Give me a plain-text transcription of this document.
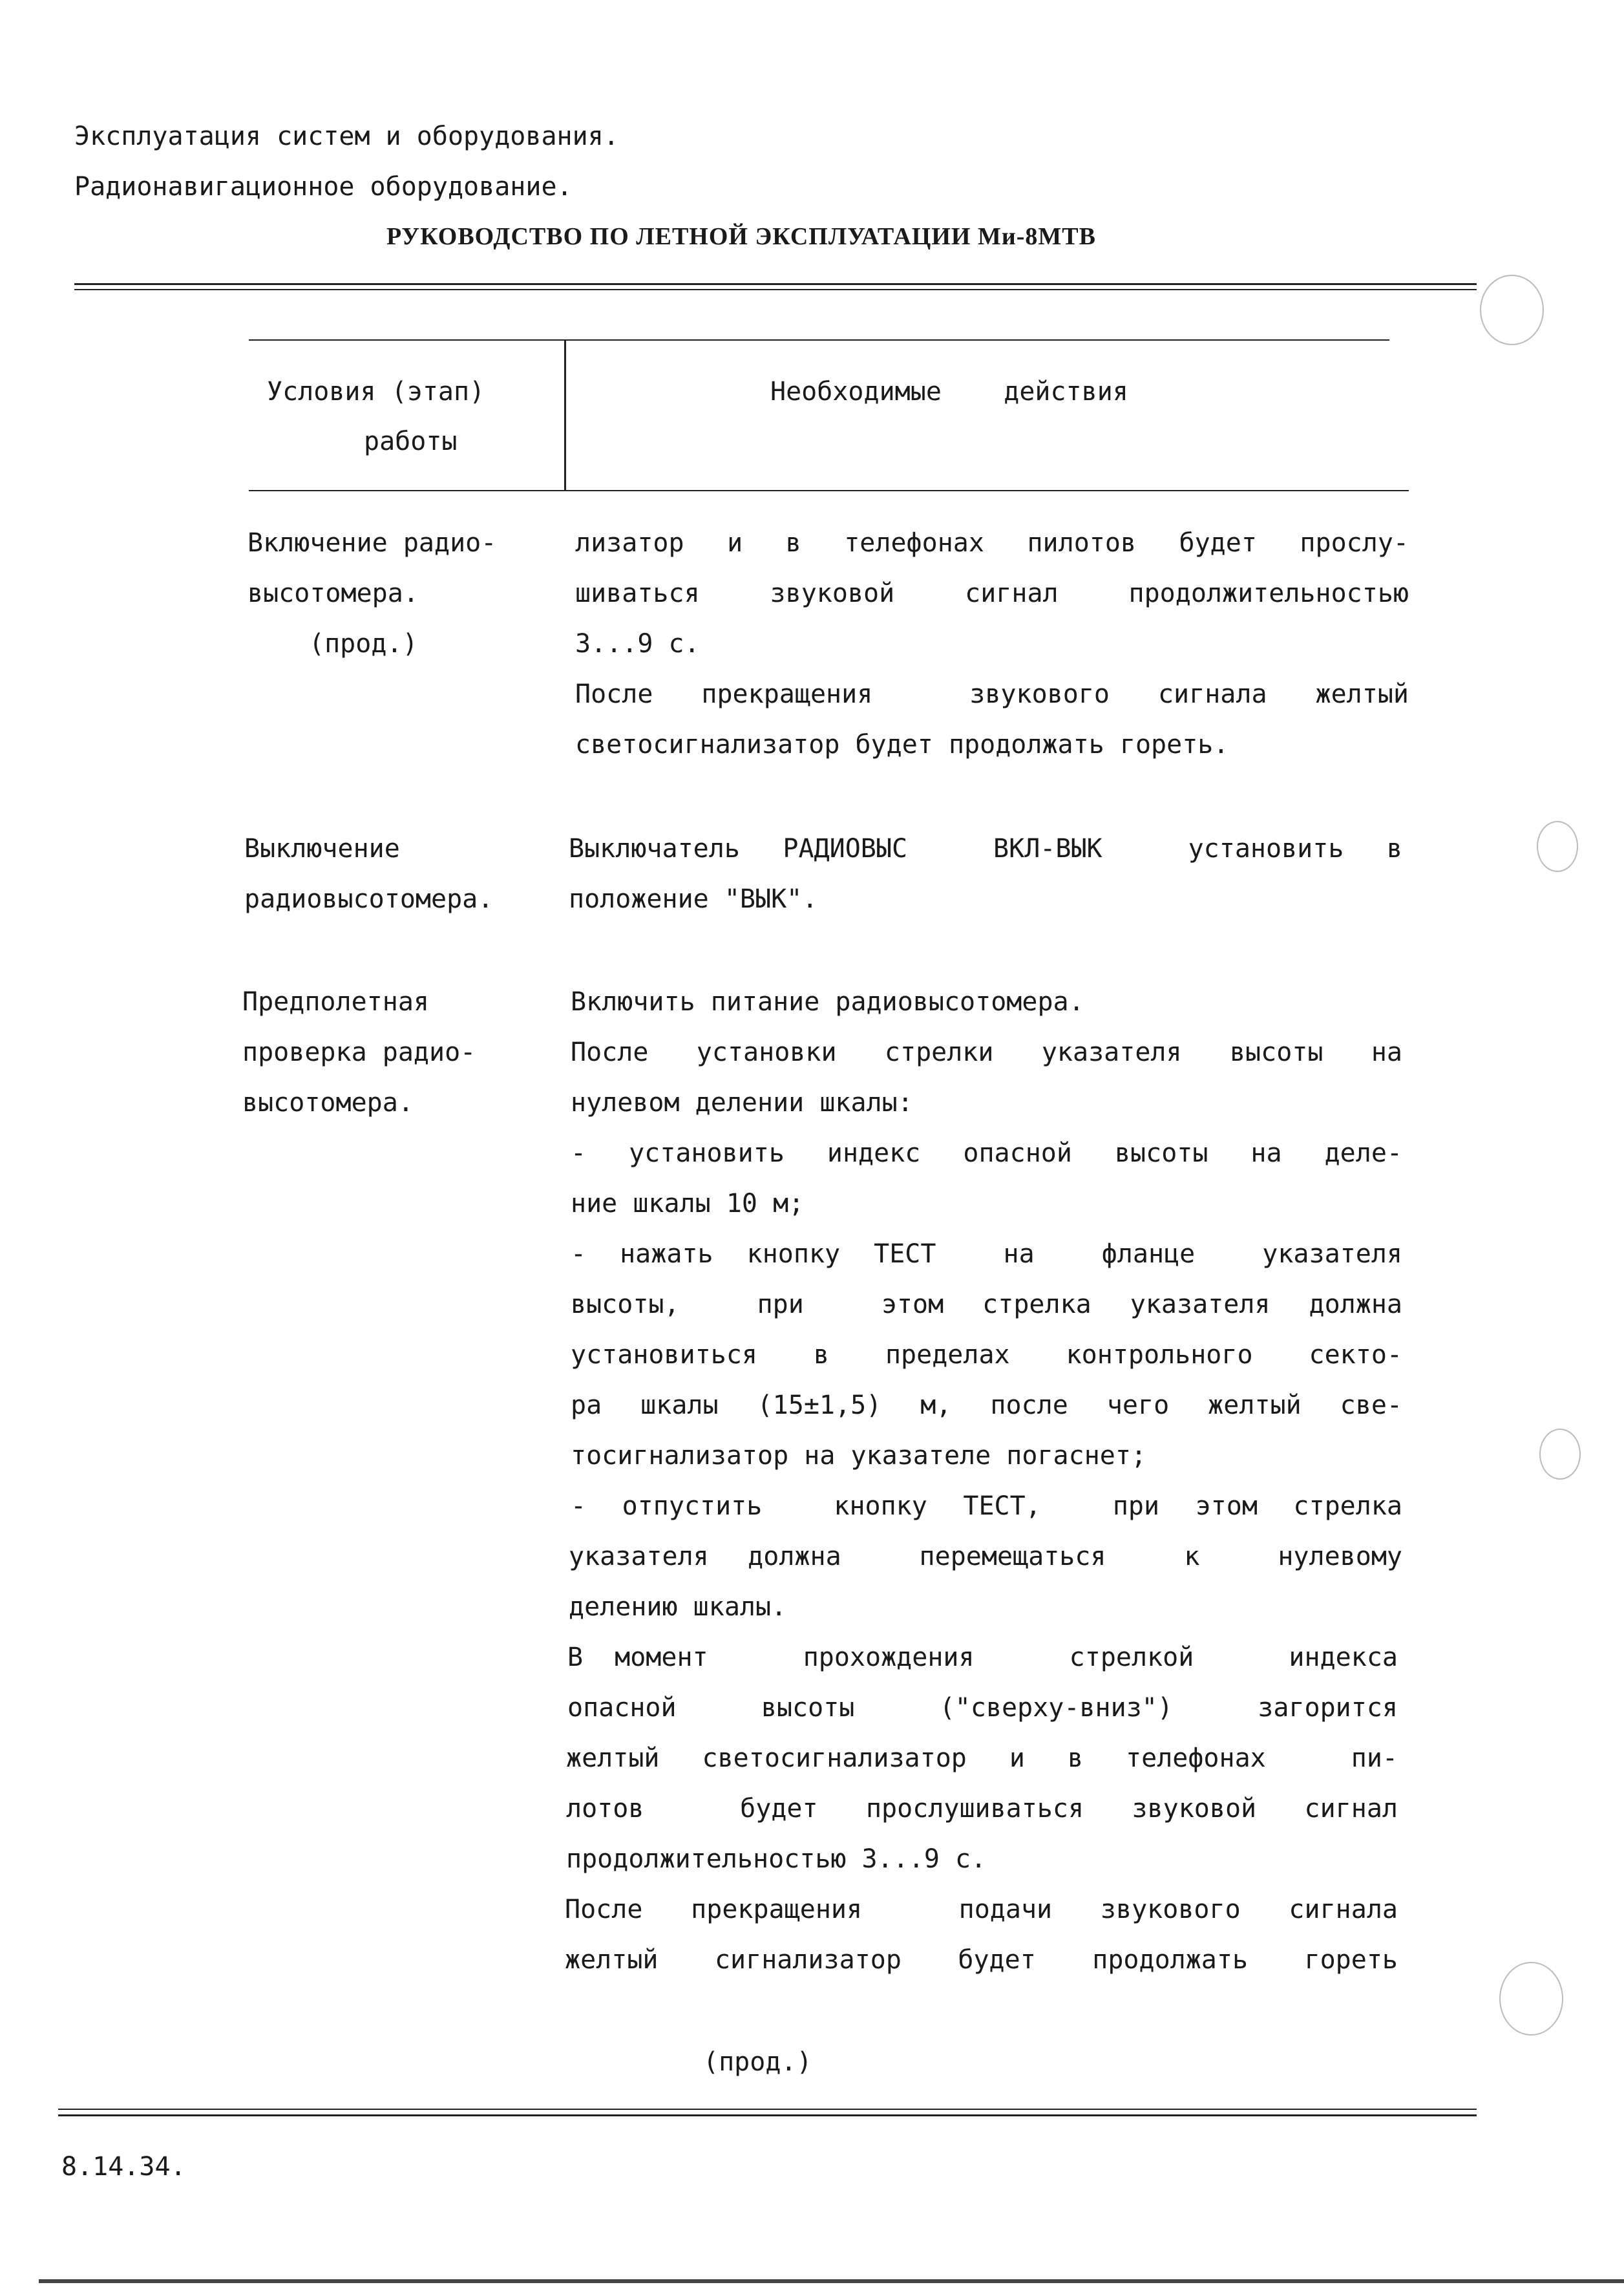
Эксплуатация систем и оборудования.
Радионавигационное оборудование.
РУКОВОДСТВО ПО ЛЕТНОЙ ЭКСПЛУАТАЦИИ Ми-8МТВ
Условия (этап)
работы
Необходимые    действия
Включение радио-
высотомера.
(прод.)
лизатор и в телефонах пилотов будет прослу-
шиваться звуковой сигнал продолжительностью
3...9 с.
После прекращения  звукового сигнала желтый
светосигнализатор будет продолжать гореть.
Выключение
радиовысотомера.
Выключатель РАДИОВЫС  ВКЛ-ВЫК  установить в
положение "ВЫК".
Предполетная
проверка радио-
высотомера.
Включить питание радиовысотомера.
После установки стрелки указателя высоты на
нулевом делении шкалы:
- установить индекс опасной высоты на деле-
ние шкалы 10 м;
- нажать кнопку ТЕСТ  на  фланце  указателя
высоты,  при  этом стрелка указателя должна
установиться в пределах контрольного секто-
ра шкалы (15±1,5) м, после чего желтый све-
тосигнализатор на указателе погаснет;
- отпустить  кнопку ТЕСТ,  при этом стрелка
указателя должна  перемещаться  к  нулевому
делению шкалы.
В момент   прохождения   стрелкой   индекса
опасной  высоты  ("сверху-вниз")  загорится
желтый светосигнализатор и в телефонах  пи-
лотов  будет прослушиваться звуковой сигнал
продолжительностью 3...9 с.
После прекращения  подачи звукового сигнала
желтый сигнализатор будет продолжать гореть
(прод.)
8.14.34.
